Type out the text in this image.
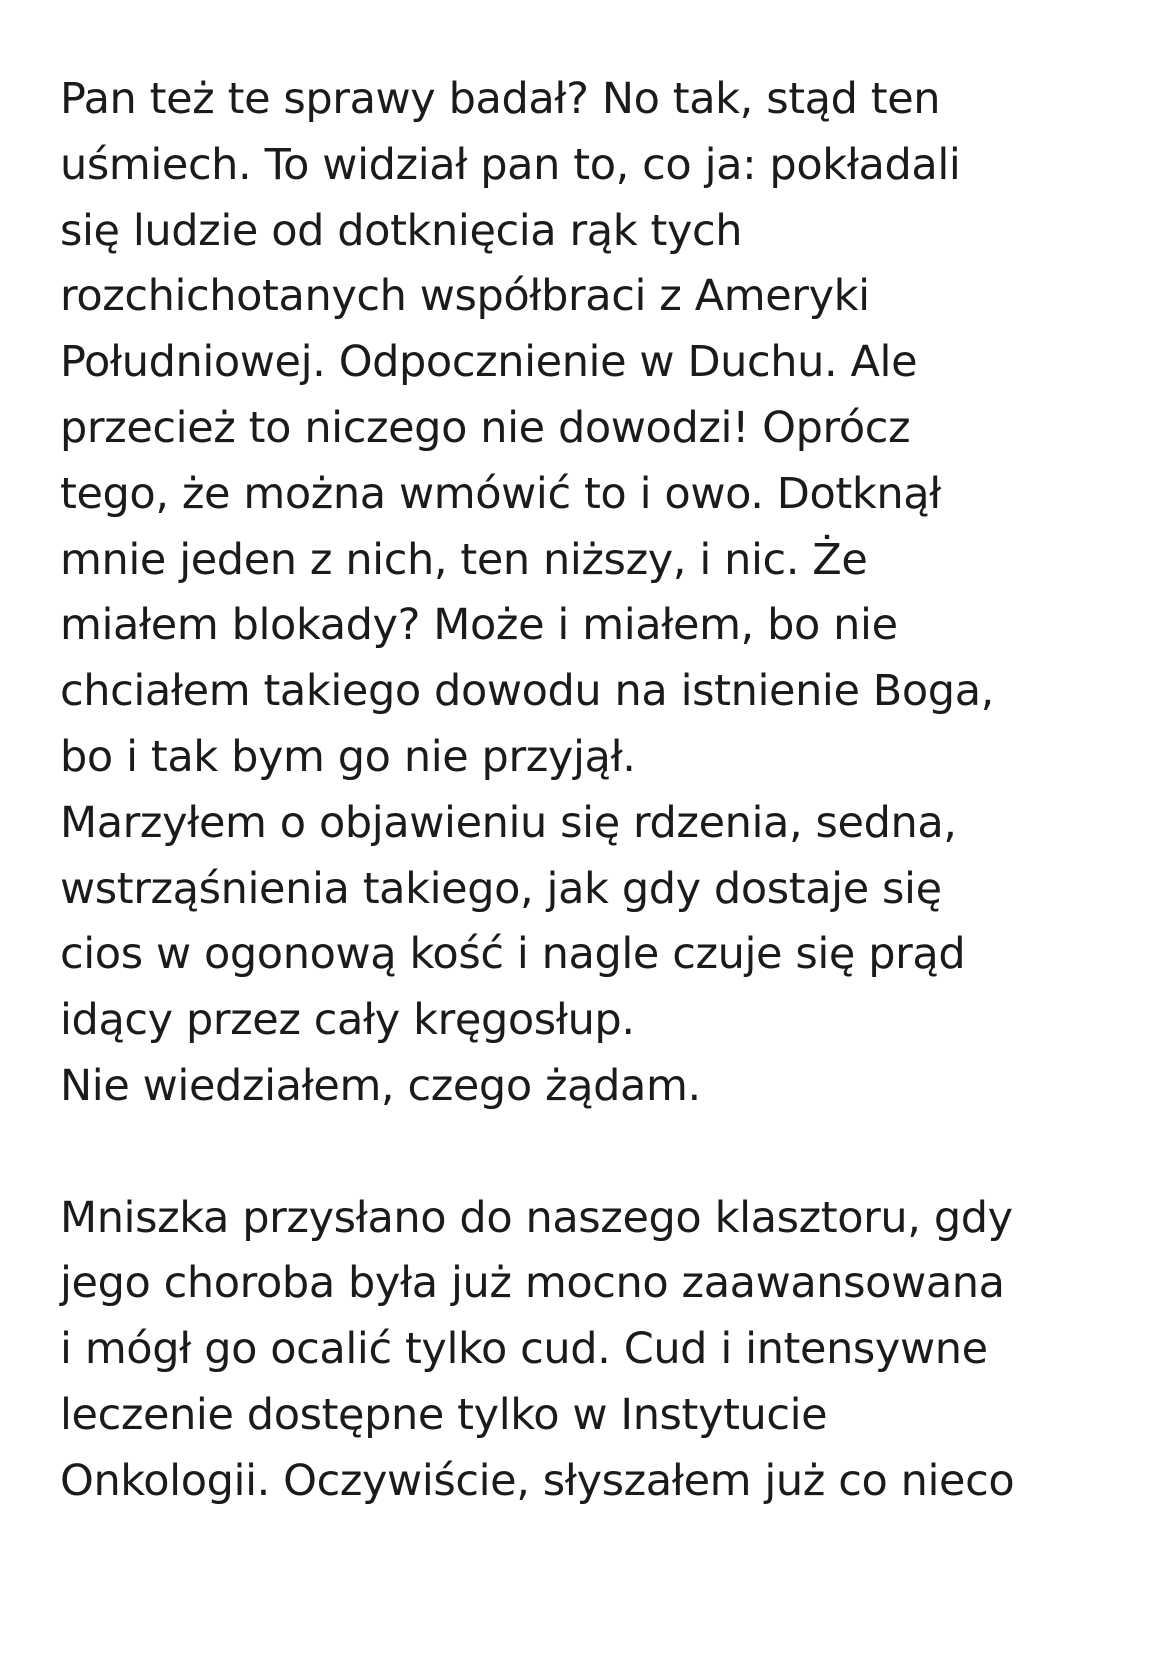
Pan też te sprawy badał? No tak, stąd ten
uśmiech. To widział pan to, co ja: pokładali
się ludzie od dotknięcia rąk tych
rozchichotanych współbraci z Ameryki
Południowej. Odpocznienie w Duchu. Ale
przecież to niczego nie dowodzi! Oprócz
tego, że można wmówić to i owo. Dotknął
mnie jeden z nich, ten niższy, i nic. Że
miałem blokady? Może i miałem, bo nie
chciałem takiego dowodu na istnienie Boga,
bo i tak bym go nie przyjął.
Marzyłem o objawieniu się rdzenia, sedna,
wstrząśnienia takiego, jak gdy dostaje się
cios w ogonową kość i nagle czuje się prąd
idący przez cały kręgosłup.
Nie wiedziałem, czego żądam.
Mniszka przysłano do naszego klasztoru, gdy
jego choroba była już mocno zaawansowana
i mógł go ocalić tylko cud. Cud i intensywne
leczenie dostępne tylko w Instytucie
Onkologii. Oczywiście, słyszałem już co nieco
